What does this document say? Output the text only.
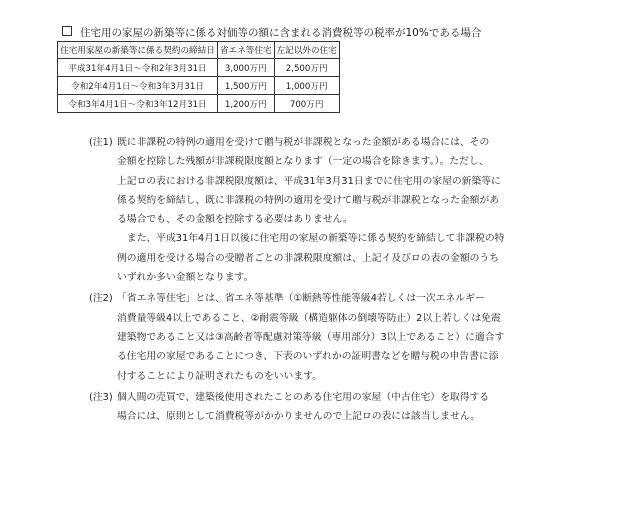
住宅用の家屋の新築等に係る対価等の額に含まれる消費税等の税率が10%である場合
住宅用家屋の新築等に係る契約の締結日	省エネ等住宅	左記以外の住宅
平成31年4月1日～令和2年3月31日	3,000万円	2,500万円
令和2年4月1日～令和3年3月31日	1,500万円	1,000万円
令和3年4月1日～令和3年12月31日	1,200万円	700万円
(注1) 既に非課税の特例の適用を受けて贈与税が非課税となった金額がある場合には、その
金額を控除した残額が非課税限度額となります（一定の場合を除きます。）。ただし、
上記ロの表における非課税限度額は、平成31年3月31日までに住宅用の家屋の新築等に
係る契約を締結し、既に非課税の特例の適用を受けて贈与税が非課税となった金額があ
る場合でも、その金額を控除する必要はありません。
　また、平成31年4月1日以後に住宅用の家屋の新築等に係る契約を締結して非課税の特
例の適用を受ける場合の受贈者ごとの非課税限度額は、上記イ及びロの表の金額のうち
いずれか多い金額となります。
(注2) 「省エネ等住宅」とは、省エネ等基準（①断熱等性能等級4若しくは一次エネルギー
消費量等級4以上であること、②耐震等級（構造躯体の倒壊等防止）2以上若しくは免震
建築物であること又は③高齢者等配慮対策等級（専用部分）3以上であること）に適合す
る住宅用の家屋であることにつき、下表のいずれかの証明書などを贈与税の申告書に添
付することにより証明されたものをいいます。
(注3) 個人間の売買で、建築後使用されたことのある住宅用の家屋（中古住宅）を取得する
場合には、原則として消費税等がかかりませんので上記ロの表には該当しません。
